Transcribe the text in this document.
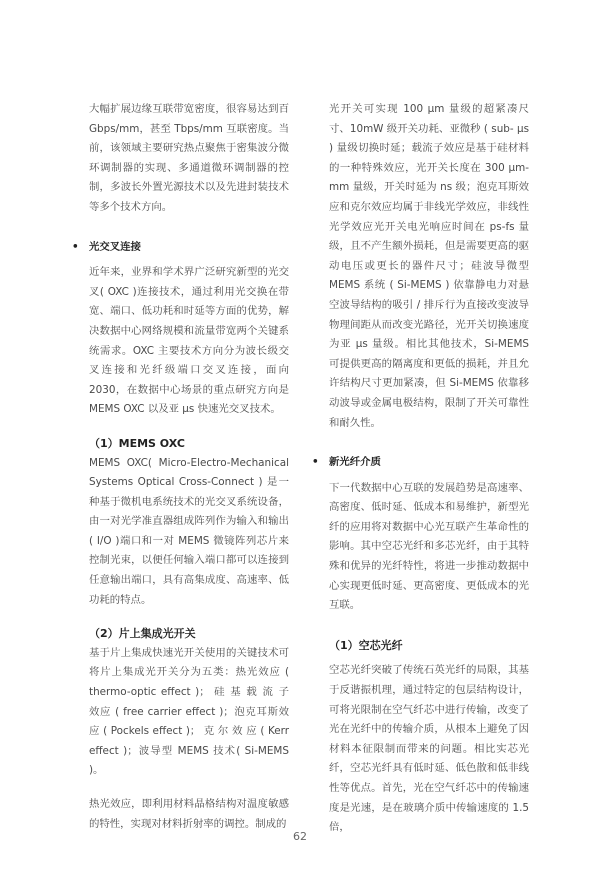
大幅扩展边缘互联带宽密度，很容易达到百Gbps/mm，甚至 Tbps/mm 互联密度。当前，该领域主要研究热点聚焦于密集波分微环调制器的实现、多通道微环调制器的控制，多波长外置光源技术以及先进封装技术等多个技术方向。

• 光交叉连接

近年来，业界和学术界广泛研究新型的光交叉( OXC )连接技术，通过利用光交换在带宽、端口、低功耗和时延等方面的优势，解决数据中心网络规模和流量带宽两个关键系统需求。OXC 主要技术方向分为波长级交叉连接和光纤级端口交叉连接，面向 2030，在数据中心场景的重点研究方向是 MEMS OXC 以及亚 μs 快速光交叉技术。

（1）MEMS OXC

MEMS OXC( Micro-Electro-Mechanical Systems Optical Cross-Connect ) 是一种基于微机电系统技术的光交叉系统设备，由一对光学准直器组成阵列作为输入和输出( I/O )端口和一对 MEMS 微镜阵列芯片来控制光束，以便任何输入端口都可以连接到任意输出端口，具有高集成度、高速率、低功耗的特点。

（2）片上集成光开关

基于片上集成快速光开关使用的关键技术可将片上集成光开关分为五类：热光效应 ( thermo-optic effect )； 硅 基 载 流 子 效应 ( free carrier effect )；泡克耳斯效应 ( Pockels effect )； 克 尔 效 应 ( Kerr effect )；波导型 MEMS 技术( Si-MEMS )。

热光效应，即利用材料晶格结构对温度敏感的特性，实现对材料折射率的调控。制成的

光开关可实现 100 μm 量级的超紧凑尺寸、10mW 级开关功耗、亚微秒 ( sub- μs ) 量级切换时延；载流子效应是基于硅材料的一种特殊效应，光开关长度在 300 μm-mm 量级，开关时延为 ns 级；泡克耳斯效应和克尔效应均属于非线光学效应，非线性光学效应光开关电光响应时间在 ps-fs 量级，且不产生额外损耗，但是需要更高的驱动电压或更长的器件尺寸；硅波导微型 MEMS 系统 ( Si-MEMS ) 依靠静电力对悬空波导结构的吸引 / 排斥行为直接改变波导物理间距从而改变光路径，光开关切换速度为亚 μs 量级。相比其他技术，Si-MEMS 可提供更高的隔离度和更低的损耗，并且允许结构尺寸更加紧凑，但 Si-MEMS 依靠移动波导或金属电极结构，限制了开关可靠性和耐久性。

• 新光纤介质

下一代数据中心互联的发展趋势是高速率、高密度、低时延、低成本和易维护，新型光纤的应用将对数据中心光互联产生革命性的影响。其中空芯光纤和多芯光纤，由于其特殊和优异的光纤特性，将进一步推动数据中心实现更低时延、更高密度、更低成本的光互联。

（1）空芯光纤

空芯光纤突破了传统石英光纤的局限，其基于反谐振机理，通过特定的包层结构设计，可将光限制在空气纤芯中进行传输，改变了光在光纤中的传输介质，从根本上避免了因材料本征限制而带来的问题。相比实芯光纤，空芯光纤具有低时延、低色散和低非线性等优点。首先，光在空气纤芯中的传输速度是光速，是在玻璃介质中传输速度的 1.5 倍，

62
